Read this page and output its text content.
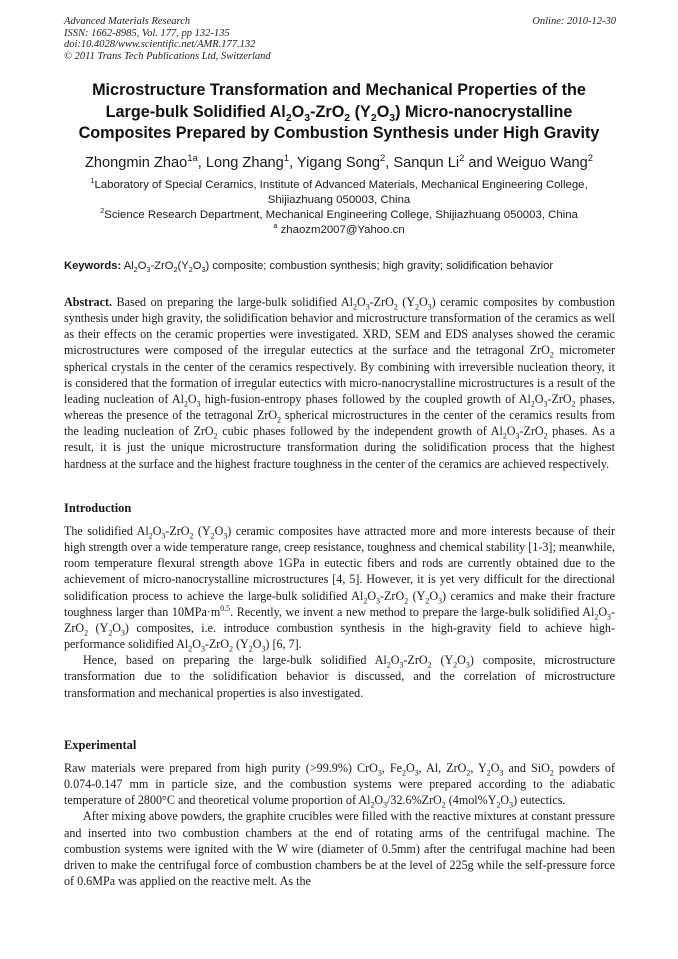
Advanced Materials Research
ISSN: 1662-8985, Vol. 177, pp 132-135
doi:10.4028/www.scientific.net/AMR.177.132
© 2011 Trans Tech Publications Ltd, Switzerland
Online: 2010-12-30
Microstructure Transformation and Mechanical Properties of the
Large-bulk Solidified $Al_2O_3-ZrO_2$ $(Y_2O_3)$ Micro-nanocrystalline
Composites Prepared by Combustion Synthesis under High Gravity
Zhongmin Zhao$^{1a}$, Long Zhang$^1$, Yigang Song$^2$, Sanqun Li$^2$ and Weiguo Wang$^2$
$^1$Laboratory of Special Ceramics, Institute of Advanced Materials, Mechanical Engineering College,
Shijiazhuang 050003, China
$^2$Science Research Department, Mechanical Engineering College, Shijiazhuang 050003, China
$^a$ zhaozm2007@Yahoo.cn
Keywords: $Al_2O_3-ZrO_2(Y_2O_3)$ composite; combustion synthesis; high gravity; solidification behavior

Abstract. Based on preparing the large-bulk solidified $Al_2O_3-ZrO_2$ $(Y_2O_3)$ ceramic composites by combustion synthesis under high gravity, the solidification behavior and microstructure transformation of the ceramics as well as their effects on the ceramic properties were investigated. XRD, SEM and EDS analyses showed the ceramic microstructures were composed of the irregular eutectics at the surface and the tetragonal ZrO$_2$ micrometer spherical crystals in the center of the ceramics respectively. By combining with irreversible nucleation theory, it is considered that the formation of irregular eutectics with micro-nanocrystalline microstructures is a result of the leading nucleation of $Al_2O_3$ high-fusion-entropy phases followed by the coupled growth of $Al_2O_3-ZrO_2$ phases, whereas the presence of the tetragonal ZrO$_2$ spherical microstructures in the center of the ceramics results from the leading nucleation of ZrO$_2$ cubic phases followed by the independent growth of $Al_2O_3-ZrO_2$ phases. As a result, it is just the unique microstructure transformation during the solidification process that the highest hardness at the surface and the highest fracture toughness in the center of the ceramics are achieved respectively.

Introduction

The solidified $Al_2O_3-ZrO_2$ $(Y_2O_3)$ ceramic composites have attracted more and more interests because of their high strength over a wide temperature range, creep resistance, toughness and chemical stability [1-3]; meanwhile, room temperature flexural strength above 1GPa in eutectic fibers and rods are currently obtained due to the achievement of micro-nanocrystalline microstructures [4, 5]. However, it is yet very difficult for the directional solidification process to achieve the large-bulk solidified $Al_2O_3-ZrO_2$ $(Y_2O_3)$ ceramics and make their fracture toughness larger than $10MPa\cdot m^{0.5}$. Recently, we invent a new method to prepare the large-bulk solidified $Al_2O_3-ZrO_2$ $(Y_2O_3)$ composites, i.e. introduce combustion synthesis in the high-gravity field to achieve high-performance solidified $Al_2O_3-ZrO_2$ $(Y_2O_3)$ [6, 7].

Hence, based on preparing the large-bulk solidified $Al_2O_3-ZrO_2$ $(Y_2O_3)$ composite, microstructure transformation due to the solidification behavior is discussed, and the correlation of microstructure transformation and mechanical properties is also investigated.

Experimental

Raw materials were prepared from high purity (>99.9%) CrO$_3$, $Fe_2O_3$, Al, ZrO$_2$, $Y_2O_3$ and SiO$_2$ powders of 0.074-0.147 mm in particle size, and the combustion systems were prepared according to the adiabatic temperature of 2800°C and theoretical volume proportion of $Al_2O_3/32.6\%ZrO_2$ $(4mol\%Y_2O_3)$ eutectics.

After mixing above powders, the graphite crucibles were filled with the reactive mixtures at constant pressure and inserted into two combustion chambers at the end of rotating arms of the centrifugal machine. The combustion systems were ignited with the W wire (diameter of 0.5mm) after the centrifugal machine had been driven to make the centrifugal force of combustion chambers be at the level of 225g while the self-pressure force of 0.6MPa was applied on the reactive melt. As the
